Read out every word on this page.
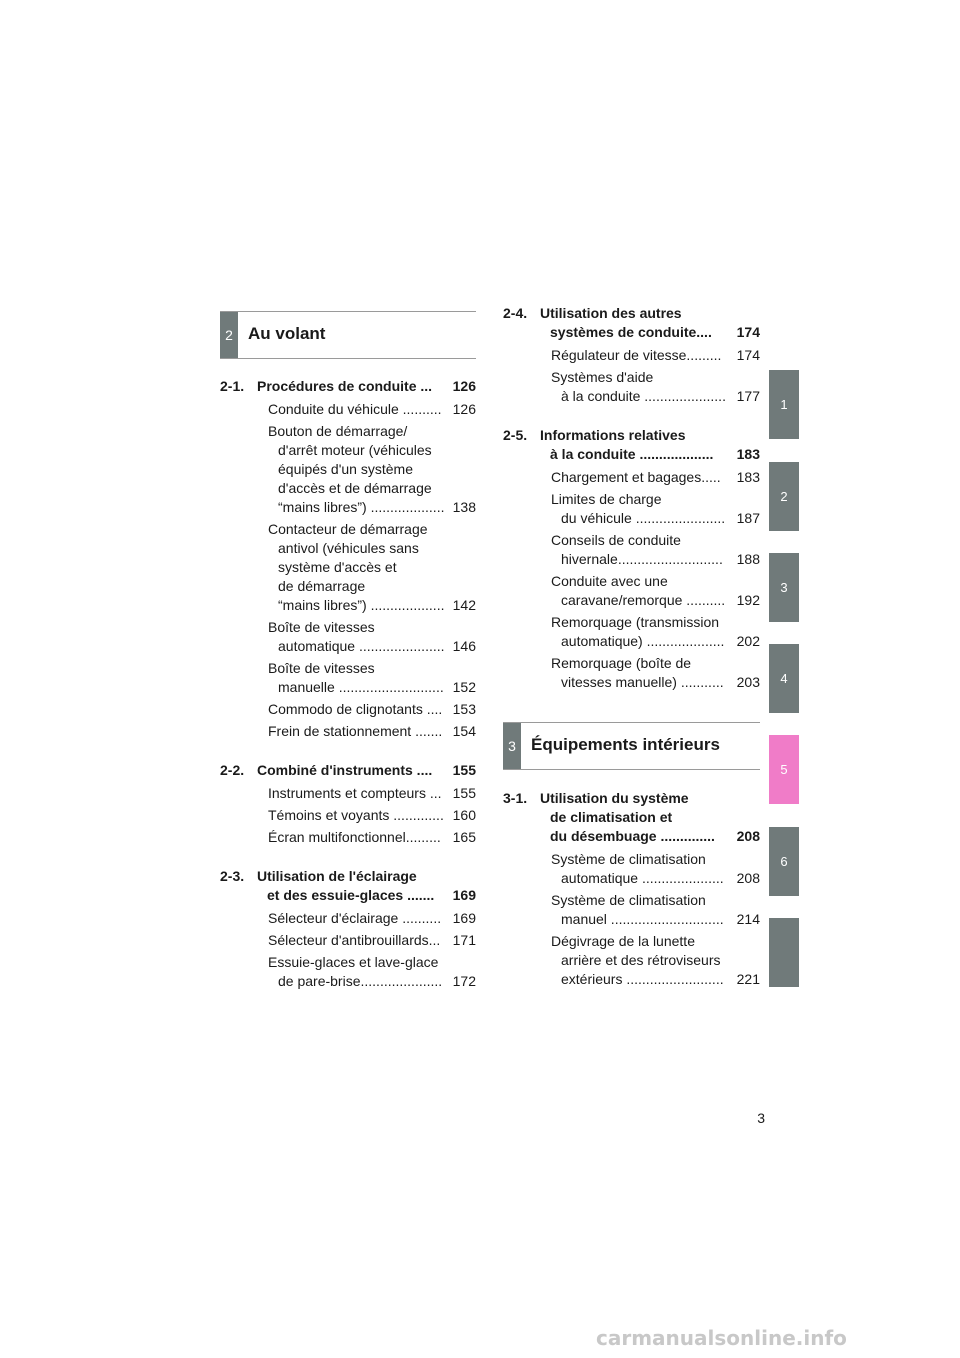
2 Au volant
2-1. Procédures de conduite ...	126
Conduite du véhicule .......... 126
Bouton de démarrage/
d'arrêt moteur (véhicules
équipés d'un système
d'accès et de démarrage
“mains libres”) ................... 138
Contacteur de démarrage
antivol (véhicules sans
système d'accès et
de démarrage
“mains libres”) ................... 142
Boîte de vitesses
automatique ...................... 146
Boîte de vitesses
manuelle ........................... 152
Commodo de clignotants .... 153
Frein de stationnement ....... 154
2-2. Combiné d'instruments ....	155
Instruments et compteurs ... 155
Témoins et voyants ............. 160
Écran multifonctionnel......... 165
2-3. Utilisation de l'éclairage
et des essuie-glaces .......	169
Sélecteur d'éclairage .......... 169
Sélecteur d'antibrouillards... 171
Essuie-glaces et lave-glace
de pare-brise..................... 172
2-4. Utilisation des autres
systèmes de conduite....	174
Régulateur de vitesse.........	174
Systèmes d'aide
à la conduite ..................... 177
2-5. Informations relatives
à la conduite ...................	183
Chargement et bagages.....	183
Limites de charge
du véhicule ....................... 187
Conseils de conduite
hivernale........................... 188
Conduite avec une
caravane/remorque .......... 192
Remorquage (transmission
automatique) .................... 202
Remorquage (boîte de
vitesses manuelle) ........... 203
3 Équipements intérieurs
3-1. Utilisation du système
de climatisation et
du désembuage ..............	208
Système de climatisation
automatique ..................... 208
Système de climatisation
manuel ............................. 214
Dégivrage de la lunette
arrière et des rétroviseurs
extérieurs ......................... 221
1
2
3
4
5
6
3
carmanualsonline.info
